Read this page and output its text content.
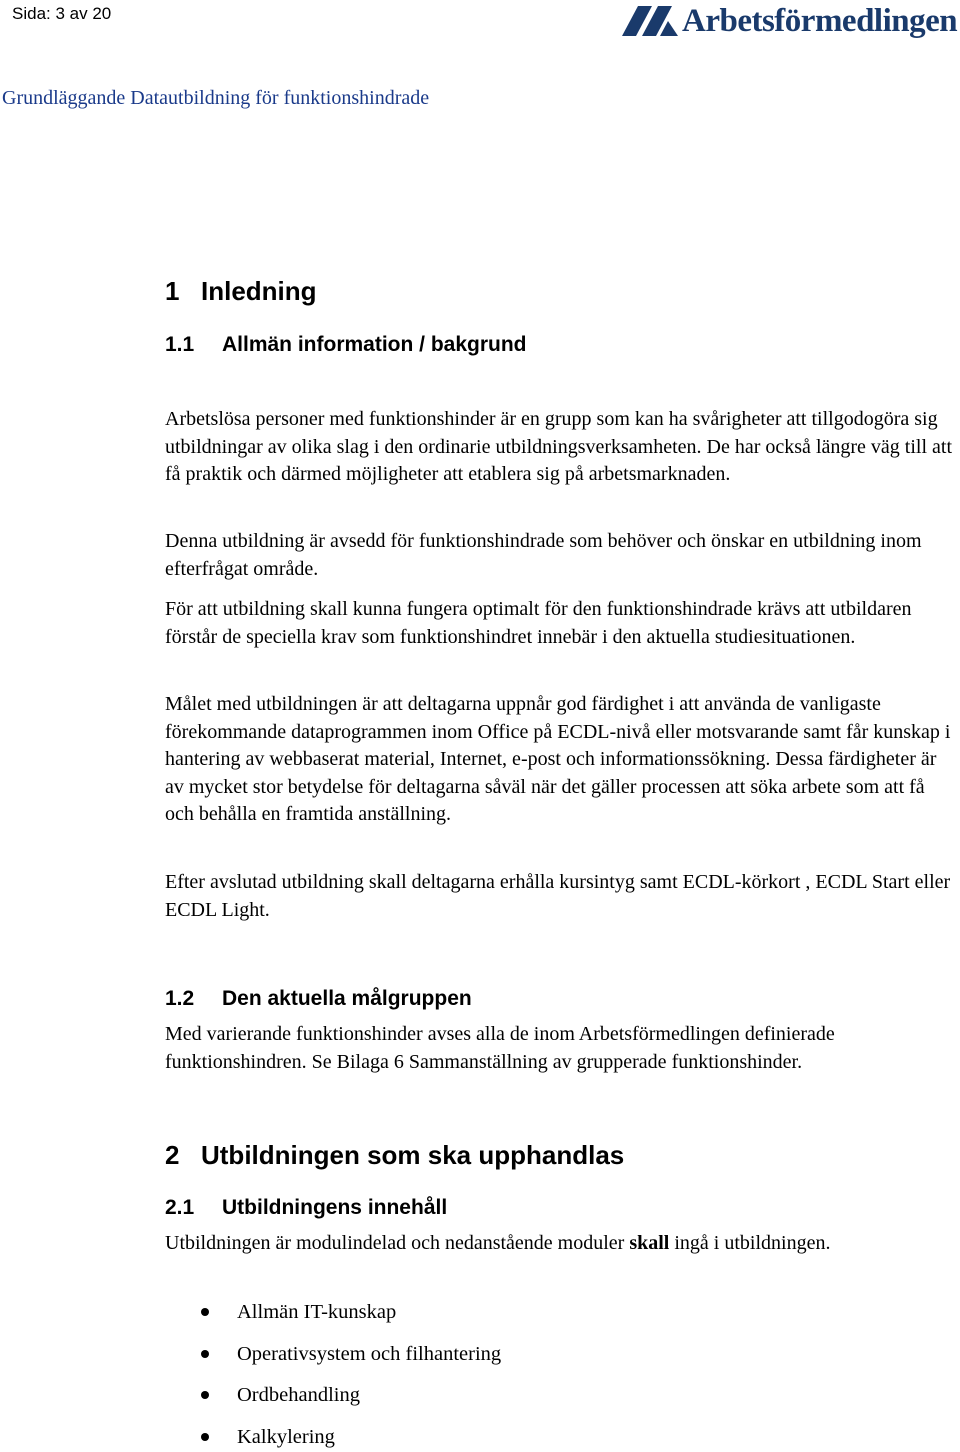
Sida: 3 av 20	Arbetsförmedlingen
Grundläggande Datautbildning för funktionshindrade
1 Inledning
1.1 Allmän information / bakgrund

Arbetslösa personer med funktionshinder är en grupp som kan ha svårigheter att tillgodogöra sig utbildningar av olika slag i den ordinarie utbildningsverksamheten. De har också längre väg till att få praktik och därmed möjligheter att etablera sig på arbetsmarknaden.

Denna utbildning är avsedd för funktionshindrade som behöver och önskar en utbildning inom efterfrågat område.

För att utbildning skall kunna fungera optimalt för den funktionshindrade krävs att utbildaren förstår de speciella krav som funktionshindret innebär i den aktuella studiesituationen.

Målet med utbildningen är att deltagarna uppnår god färdighet i att använda de vanligaste förekommande dataprogrammen inom Office på ECDL-nivå eller motsvarande samt får kunskap i hantering av webbaserat material, Internet, e-post och informationssökning. Dessa färdigheter är av mycket stor betydelse för deltagarna såväl när det gäller processen att söka arbete som att få och behålla en framtida anställning.

Efter avslutad utbildning skall deltagarna erhålla kursintyg samt ECDL-körkort , ECDL Start eller ECDL Light.

1.2 Den aktuella målgruppen

Med varierande funktionshinder avses alla de inom Arbetsförmedlingen definierade funktionshindren. Se Bilaga 6 Sammanställning av grupperade funktionshinder.

2 Utbildningen som ska upphandlas
2.1 Utbildningens innehåll

Utbildningen är modulindelad och nedanstående moduler skall ingå i utbildningen.

Allmän IT-kunskap
Operativsystem och filhantering
Ordbehandling
Kalkylering
